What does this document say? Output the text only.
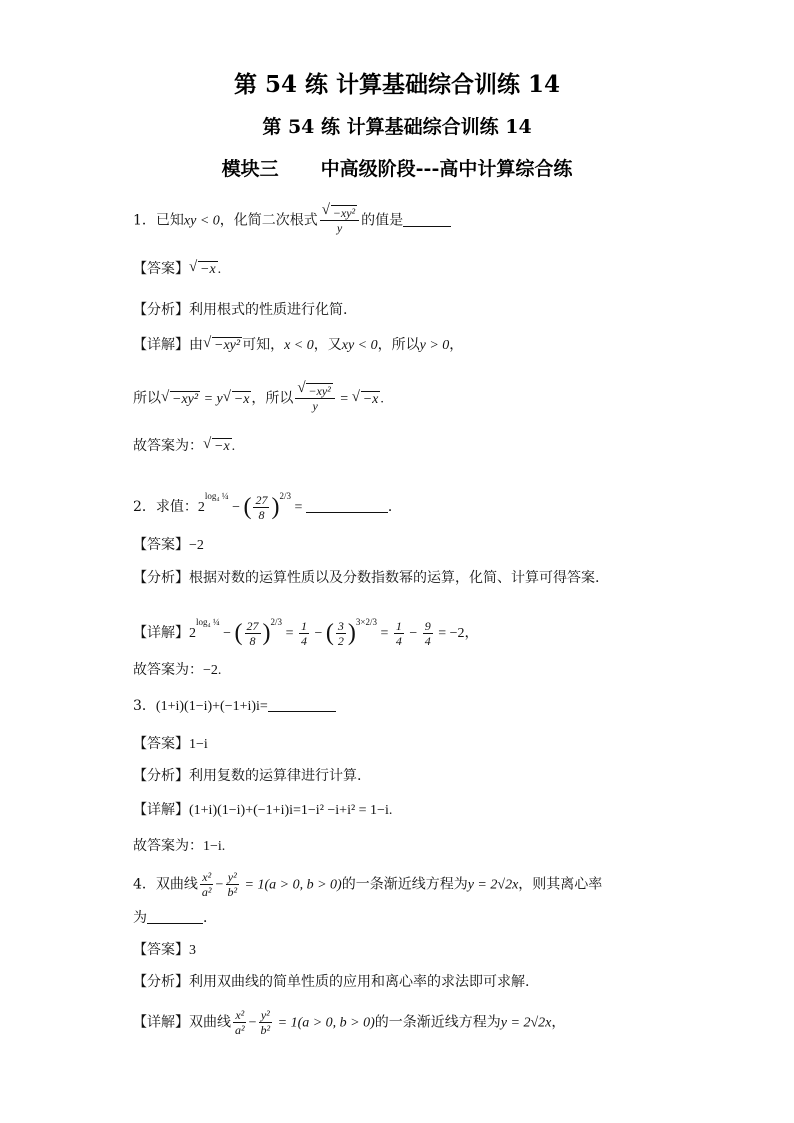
第 54 练 计算基础综合训练 14
第 54 练 计算基础综合训练 14
模块三 中高级阶段---高中计算综合练
1．已知xy < 0，化简二次根式 √ $\frac{\text{−xy²}}{y}$ 的值是
【答案】 √ −x .
【分析】利用根式的性质进行化简.
【详解】由 √ −xy² 可知，x < 0，又xy < 0，所以y > 0，
所以 √ −xy² = y √ −x ，所以 √ $\frac{\text{−xy²}}{y}$ = √ −x .
故答案为： √ −x .
2．求值：$2^{log_4 \frac{1}{4}}$ − ( $\frac{27}{8} )^{2/3}$ =	．
【答案】−2
【分析】根据对数的运算性质以及分数指数幂的运算，化简、计算可得答案.
【详解】$2^{log_4 \frac{1}{4}}$ − ( $\frac{27}{8} )^{2/3} = \frac{1}{4}$ − ( $\frac{3}{2} )^{3\times 2/3} = \frac{1}{4} - \frac{9}{4} = -2$，
故答案为：−2.
3．(1+i)(1−i)+(−1+i)i=
【答案】1−i
【分析】利用复数的运算律进行计算.
【详解】(1+i)(1−i)+(−1+i)i=1−i² −i+i² = 1−i.
故答案为：1−i.
4．双曲线 $\frac{\text{x²}}{\text{a²}} - \frac{\text{y²}}{\text{b²}} = 1(a > 0$, b > 0)的一条渐近线方程为y = 2√2x，则其离心率
为	．
【答案】3
【分析】利用双曲线的简单性质的应用和离心率的求法即可求解.
【详解】双曲线 $\frac{\text{x²}}{\text{a²}} - \frac{\text{y²}}{\text{b²}} = 1(a > 0$, b > 0)的一条渐近线方程为y = 2√2x，
